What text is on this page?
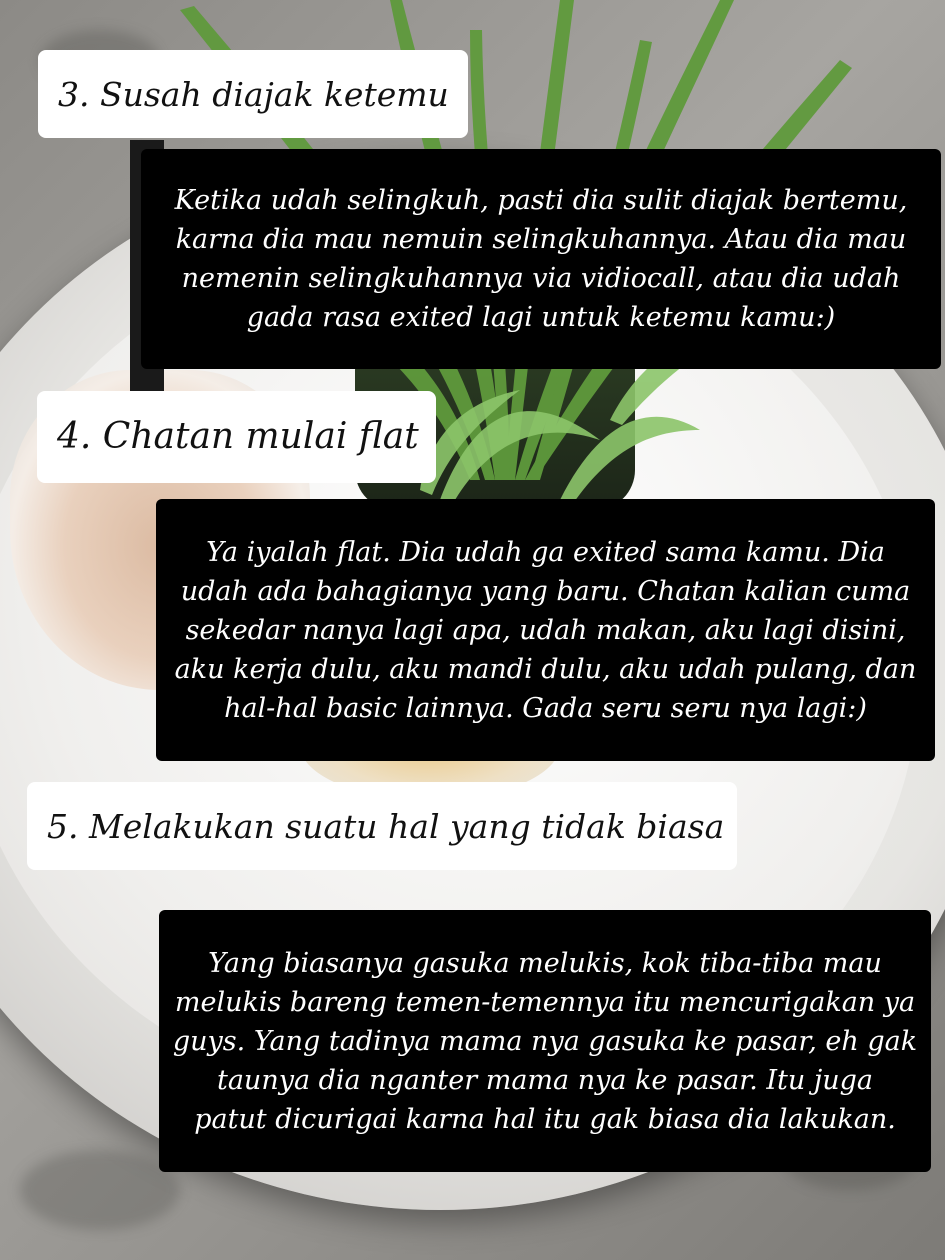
3. Susah diajak ketemu
Ketika udah selingkuh, pasti dia sulit diajak bertemu,
karna dia mau nemuin selingkuhannya. Atau dia mau
nemenin selingkuhannya via vidiocall, atau dia udah
gada rasa exited lagi untuk ketemu kamu:)
4. Chatan mulai flat
Ya iyalah flat. Dia udah ga exited sama kamu. Dia
udah ada bahagianya yang baru. Chatan kalian cuma
sekedar nanya lagi apa, udah makan, aku lagi disini,
aku kerja dulu, aku mandi dulu, aku udah pulang, dan
hal-hal basic lainnya. Gada seru seru nya lagi:)
5. Melakukan suatu hal yang tidak biasa
Yang biasanya gasuka melukis, kok tiba-tiba mau
melukis bareng temen-temennya itu mencurigakan ya
guys. Yang tadinya mama nya gasuka ke pasar, eh gak
taunya dia nganter mama nya ke pasar. Itu juga
patut dicurigai karna hal itu gak biasa dia lakukan.
